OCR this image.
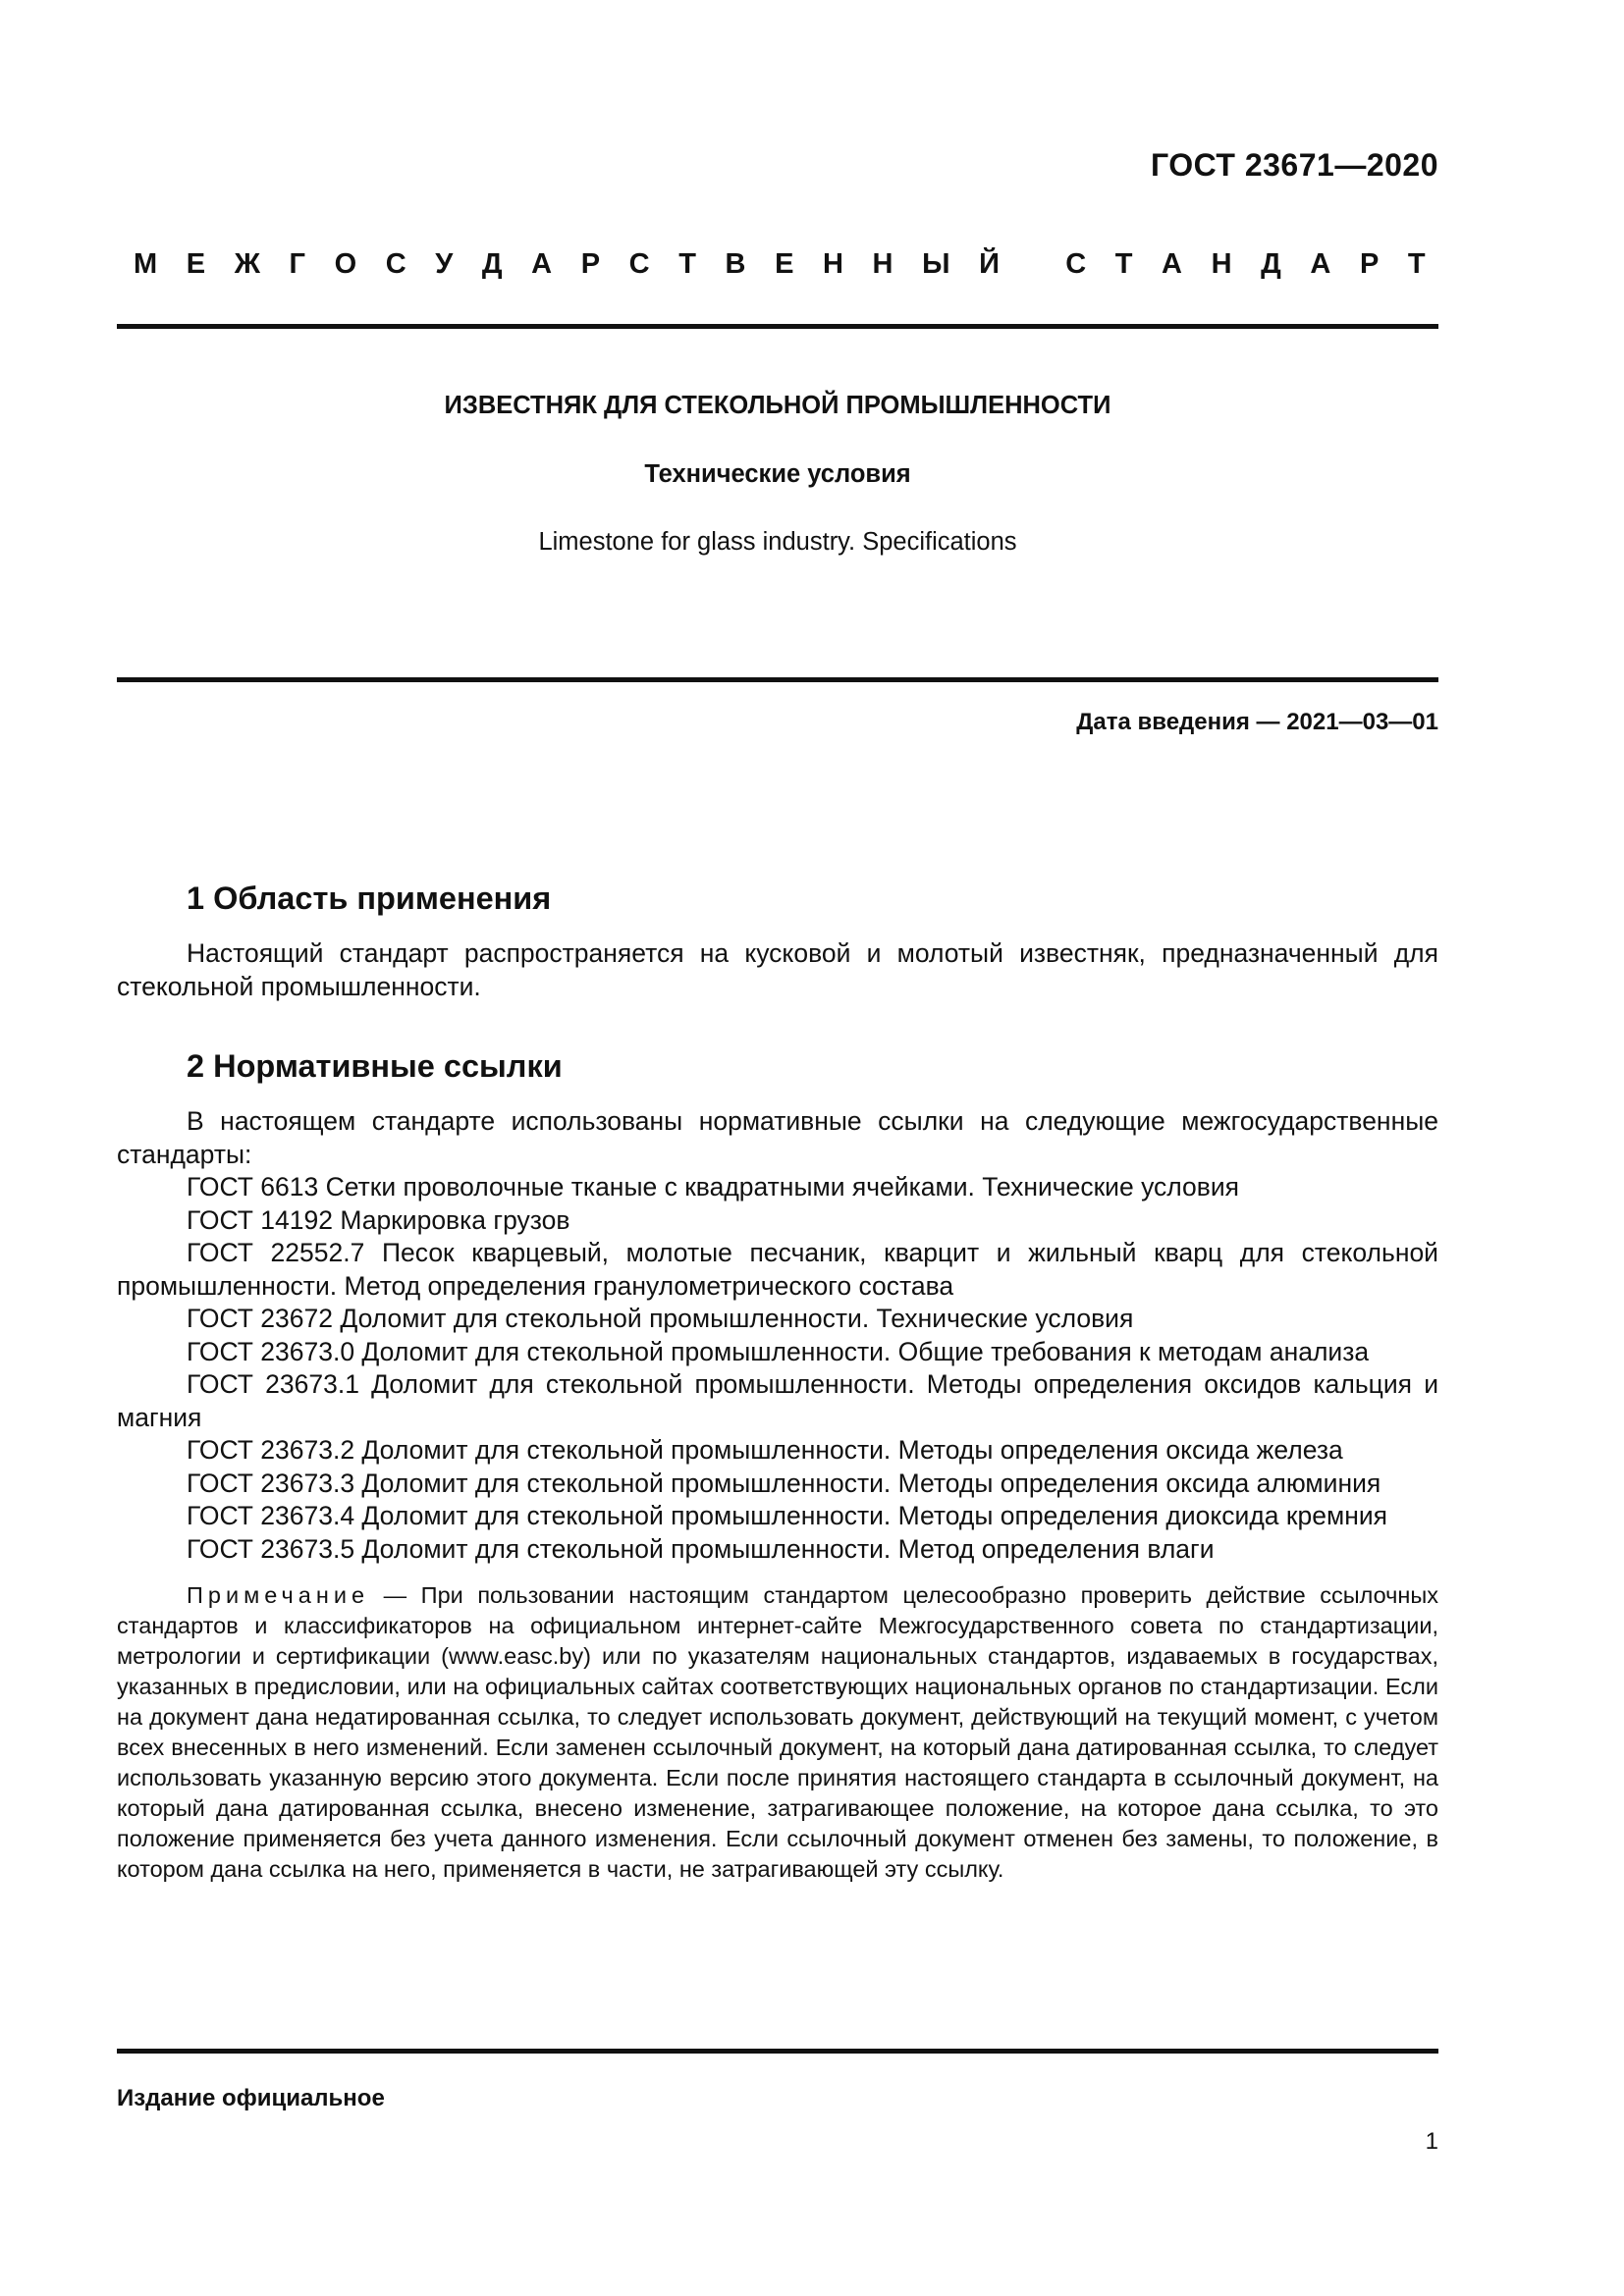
ГОСТ 23671—2020
М Е Ж Г О С У Д А Р С Т В Е Н Н Ы Й
С Т А Н Д А Р Т
ИЗВЕСТНЯК ДЛЯ СТЕКОЛЬНОЙ ПРОМЫШЛЕННОСТИ
Технические условия
Limestone for glass industry. Specifications
Дата введения — 2021—03—01
1 Область применения

Настоящий стандарт распространяется на кусковой и молотый известняк, предназначенный для стекольной промышленности.

2 Нормативные ссылки

В настоящем стандарте использованы нормативные ссылки на следующие межгосударственные стандарты:

ГОСТ 6613 Сетки проволочные тканые с квадратными ячейками. Технические условия

ГОСТ 14192 Маркировка грузов

ГОСТ 22552.7 Песок кварцевый, молотые песчаник, кварцит и жильный кварц для стекольной промышленности. Метод определения гранулометрического состава

ГОСТ 23672 Доломит для стекольной промышленности. Технические условия

ГОСТ 23673.0 Доломит для стекольной промышленности. Общие требования к методам анализа

ГОСТ 23673.1 Доломит для стекольной промышленности. Методы определения оксидов кальция и магния

ГОСТ 23673.2 Доломит для стекольной промышленности. Методы определения оксида железа

ГОСТ 23673.3 Доломит для стекольной промышленности. Методы определения оксида алюминия

ГОСТ 23673.4 Доломит для стекольной промышленности. Методы определения диоксида кремния

ГОСТ 23673.5 Доломит для стекольной промышленности. Метод определения влаги

Примечание — При пользовании настоящим стандартом целесообразно проверить действие ссылочных стандартов и классификаторов на официальном интернет-сайте Межгосударственного совета по стандартизации, метрологии и сертификации (www.easc.by) или по указателям национальных стандартов, издаваемых в государствах, указанных в предисловии, или на официальных сайтах соответствующих национальных органов по стандартизации. Если на документ дана недатированная ссылка, то следует использовать документ, действующий на текущий момент, с учетом всех внесенных в него изменений. Если заменен ссылочный документ, на который дана датированная ссылка, то следует использовать указанную версию этого документа. Если после принятия настоящего стандарта в ссылочный документ, на который дана датированная ссылка, внесено изменение, затрагивающее положение, на которое дана ссылка, то это положение применяется без учета данного изменения. Если ссылочный документ отменен без замены, то положение, в котором дана ссылка на него, применяется в части, не затрагивающей эту ссылку.

Издание официальное
1
